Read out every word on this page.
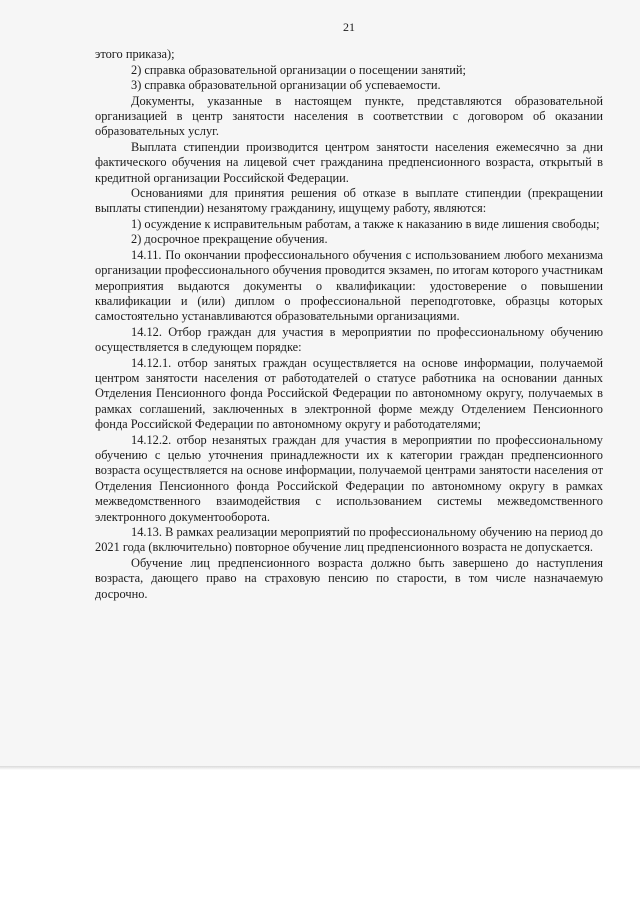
21

этого приказа);

2) справка образовательной организации о посещении занятий;

3) справка образовательной организации об успеваемости.

Документы, указанные в настоящем пункте, представляются образовательной организацией в центр занятости населения в соответствии с договором об оказании образовательных услуг.

Выплата стипендии производится центром занятости населения ежемесячно за дни фактического обучения на лицевой счет гражданина предпенсионного возраста, открытый в кредитной организации Российской Федерации.

Основаниями для принятия решения об отказе в выплате стипендии (прекращении выплаты стипендии) незанятому гражданину, ищущему работу, являются:

1) осуждение к исправительным работам, а также к наказанию в виде лишения свободы;

2) досрочное прекращение обучения.

14.11. По окончании профессионального обучения с использованием любого механизма организации профессионального обучения проводится экзамен, по итогам которого участникам мероприятия выдаются документы о квалификации: удостоверение о повышении квалификации и (или) диплом о профессиональной переподготовке, образцы которых самостоятельно устанавливаются образовательными организациями.

14.12. Отбор граждан для участия в мероприятии по профессиональному обучению осуществляется в следующем порядке:

14.12.1. отбор занятых граждан осуществляется на основе информации, получаемой центром занятости населения от работодателей о статусе работника на основании данных Отделения Пенсионного фонда Российской Федерации по автономному округу, получаемых в рамках соглашений, заключенных в электронной форме между Отделением Пенсионного фонда Российской Федерации по автономному округу и работодателями;

14.12.2. отбор незанятых граждан для участия в мероприятии по профессиональному обучению с целью уточнения принадлежности их к категории граждан предпенсионного возраста осуществляется на основе информации, получаемой центрами занятости населения от Отделения Пенсионного фонда Российской Федерации по автономному округу в рамках межведомственного взаимодействия с использованием системы межведомственного электронного документооборота.

14.13. В рамках реализации мероприятий по профессиональному обучению на период до 2021 года (включительно) повторное обучение лиц предпенсионного возраста не допускается.

Обучение лиц предпенсионного возраста должно быть завершено до наступления возраста, дающего право на страховую пенсию по старости, в том числе назначаемую досрочно.
